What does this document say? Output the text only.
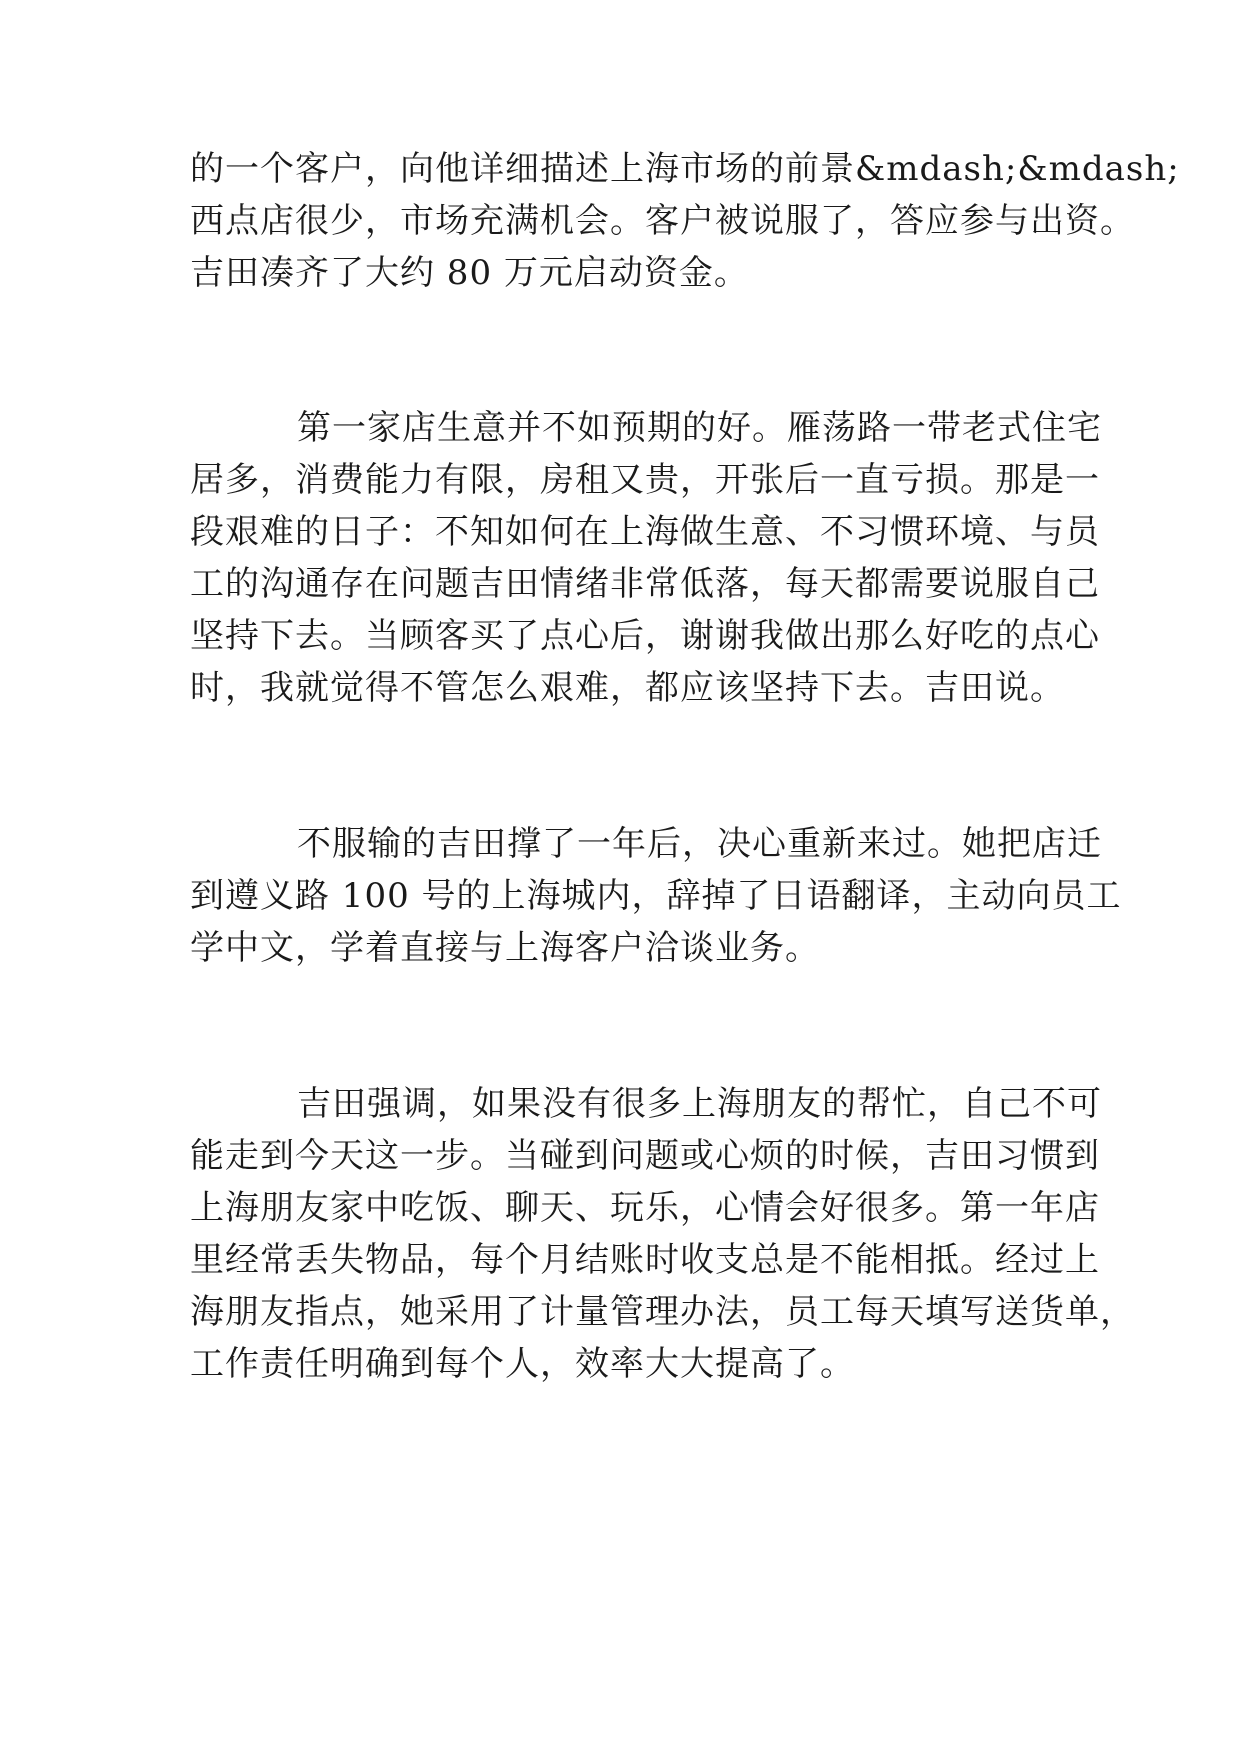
的一个客户，向他详细描述上海市场的前景&mdash;&mdash;
西点店很少，市场充满机会。客户被说服了，答应参与出资。
吉田凑齐了大约 80 万元启动资金。
第一家店生意并不如预期的好。雁荡路一带老式住宅
居多，消费能力有限，房租又贵，开张后一直亏损。那是一
段艰难的日子：不知如何在上海做生意、不习惯环境、与员
工的沟通存在问题吉田情绪非常低落，每天都需要说服自己
坚持下去。当顾客买了点心后，谢谢我做出那么好吃的点心
时，我就觉得不管怎么艰难，都应该坚持下去。吉田说。
不服输的吉田撑了一年后，决心重新来过。她把店迁
到遵义路 100 号的上海城内，辞掉了日语翻译，主动向员工
学中文，学着直接与上海客户洽谈业务。
吉田强调，如果没有很多上海朋友的帮忙，自己不可
能走到今天这一步。当碰到问题或心烦的时候，吉田习惯到
上海朋友家中吃饭、聊天、玩乐，心情会好很多。第一年店
里经常丢失物品，每个月结账时收支总是不能相抵。经过上
海朋友指点，她采用了计量管理办法，员工每天填写送货单，
工作责任明确到每个人，效率大大提高了。
